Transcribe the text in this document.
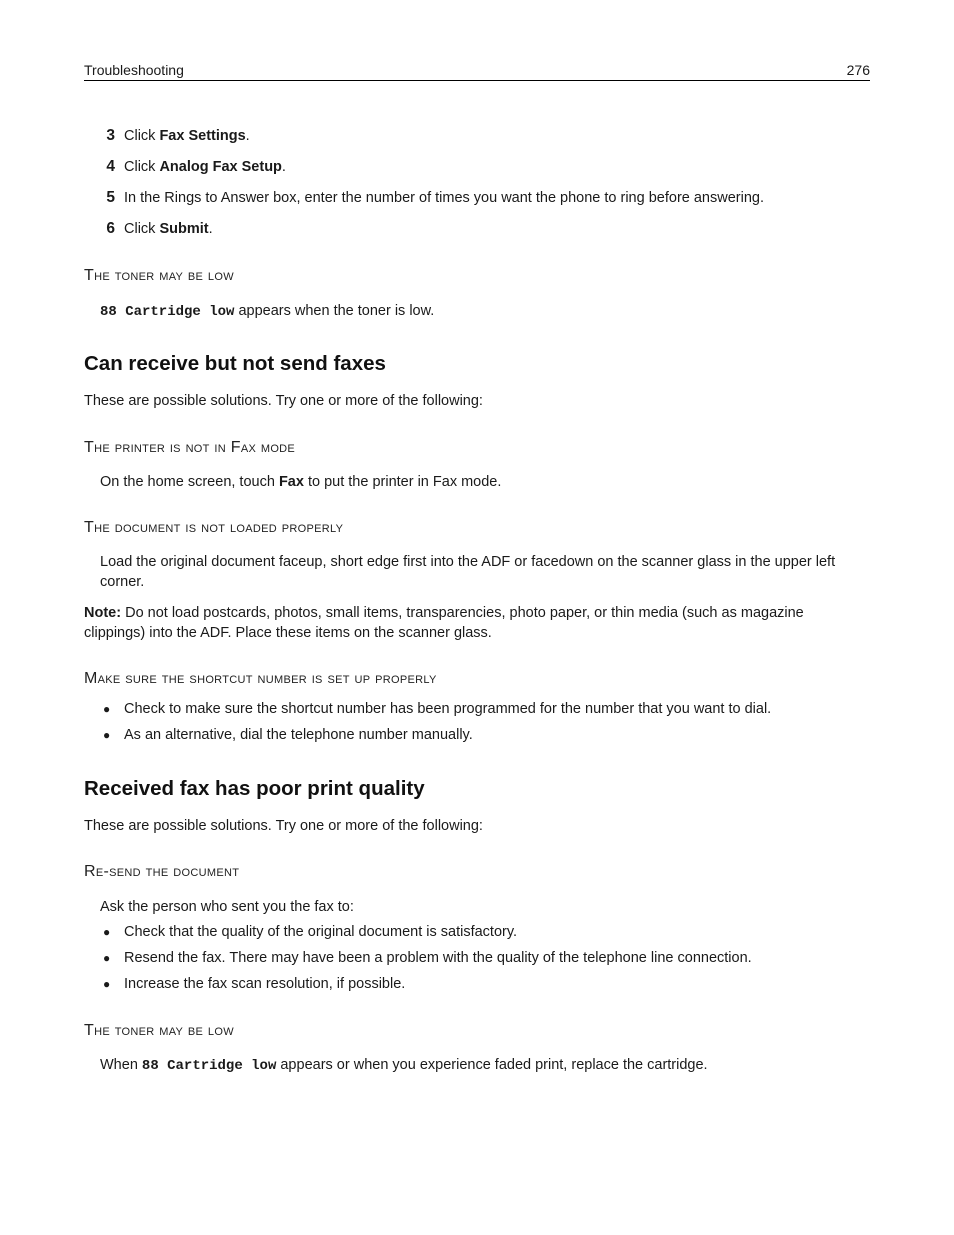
Troubleshooting	276
3 Click Fax Settings.
4 Click Analog Fax Setup.
5 In the Rings to Answer box, enter the number of times you want the phone to ring before answering.
6 Click Submit.
The toner may be low
88 Cartridge low appears when the toner is low.
Can receive but not send faxes
These are possible solutions. Try one or more of the following:
The printer is not in Fax mode
On the home screen, touch Fax to put the printer in Fax mode.
The document is not loaded properly
Load the original document faceup, short edge first into the ADF or facedown on the scanner glass in the upper left
corner.
Note: Do not load postcards, photos, small items, transparencies, photo paper, or thin media (such as magazine
clippings) into the ADF. Place these items on the scanner glass.
Make sure the shortcut number is set up properly
● Check to make sure the shortcut number has been programmed for the number that you want to dial.
● As an alternative, dial the telephone number manually.
Received fax has poor print quality
These are possible solutions. Try one or more of the following:
Re-send the document
Ask the person who sent you the fax to:
● Check that the quality of the original document is satisfactory.
● Resend the fax. There may have been a problem with the quality of the telephone line connection.
● Increase the fax scan resolution, if possible.
The toner may be low
When 88 Cartridge low appears or when you experience faded print, replace the cartridge.
